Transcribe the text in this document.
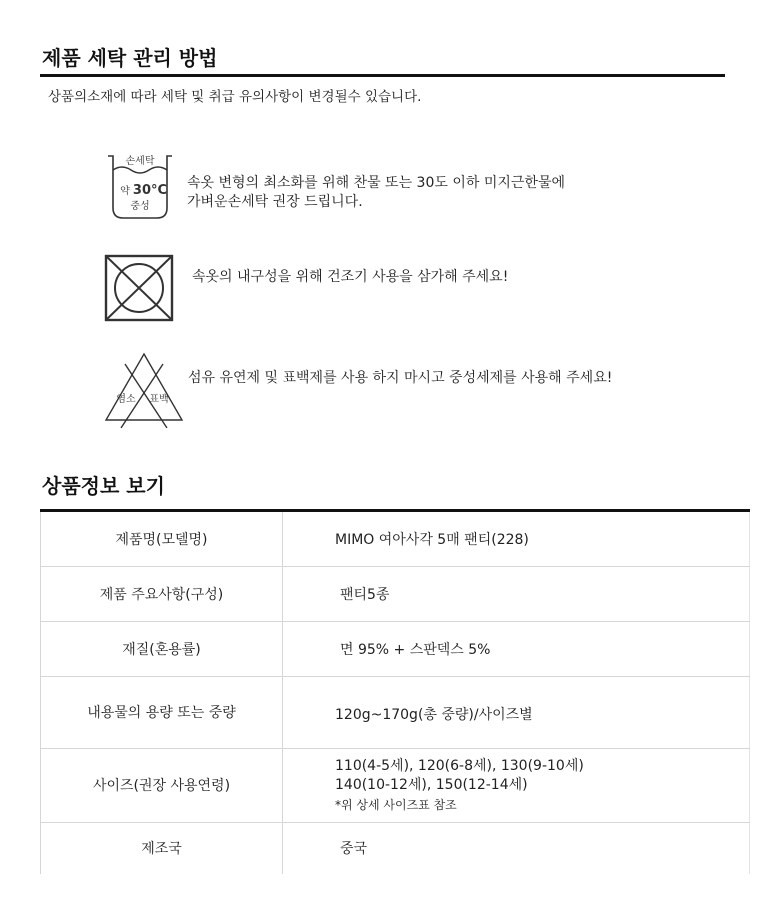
제품 세탁 관리 방법
상품의소재에 따라 세탁 및 취급 유의사항이 변경될수 있습니다.
손세탁
약 30°C
중성
속옷 변형의 최소화를 위해 찬물 또는 30도 이하 미지근한물에
가벼운손세탁 권장 드립니다.
속옷의 내구성을 위해 건조기 사용을 삼가해 주세요!
염소 표백
섬유 유연제 및 표백제를 사용 하지 마시고 중성세제를 사용해 주세요!
상품정보 보기
제품명(모델명)	MIMO 여아사각 5매 팬티(228)
제품 주요사항(구성)	팬티5종
재질(혼용률)	면 95% + 스판덱스 5%
내용물의 용량 또는 중량	120g~170g(총 중량)/사이즈별
사이즈(권장 사용연령)	110(4-5세), 120(6-8세), 130(9-10세)
140(10-12세), 150(12-14세)
*위 상세 사이즈표 참조

제조국	중국
